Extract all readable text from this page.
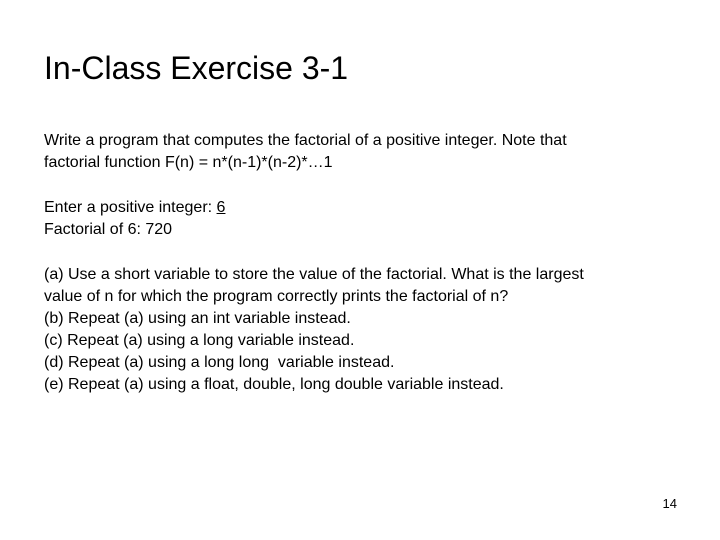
In-Class Exercise 3-1
Write a program that computes the factorial of a positive integer. Note that
factorial function F(n) = n*(n-1)*(n-2)*…1
Enter a positive integer: 6
Factorial of 6: 720
(a) Use a short variable to store the value of the factorial. What is the largest
value of n for which the program correctly prints the factorial of n?
(b) Repeat (a) using an int variable instead.
(c) Repeat (a) using a long variable instead.
(d) Repeat (a) using a long long  variable instead.
(e) Repeat (a) using a float, double, long double variable instead.
14
